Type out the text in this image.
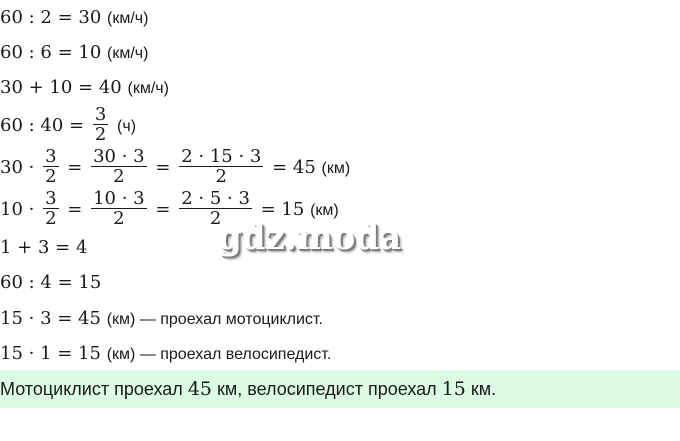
60 : 2 = 30 (км/ч)
60 : 6 = 10 (км/ч)
30 + 10 = 40 (км/ч)
60 : $40 = \frac{3}{2} (ч)$
$30 \cdot \frac{3}{2} = \frac{30 \cdot 3}{2} = \frac{2 \cdot 15 \cdot 3}{2} = 45$ (км)
$10 \cdot \frac{3}{2} = \frac{10 \cdot 3}{2} = \frac{2 \cdot 5 \cdot 3}{2} = 15$ (км)
1 + 3 = 4
60 : 4 = 15
15 · 3 = 45 (км) — проехал мотоциклист.
15 · 1 = 15 (км) — проехал велосипедист.
gdz.moda
Мотоциклист проехал 45 км, велосипедист проехал 15 км.
